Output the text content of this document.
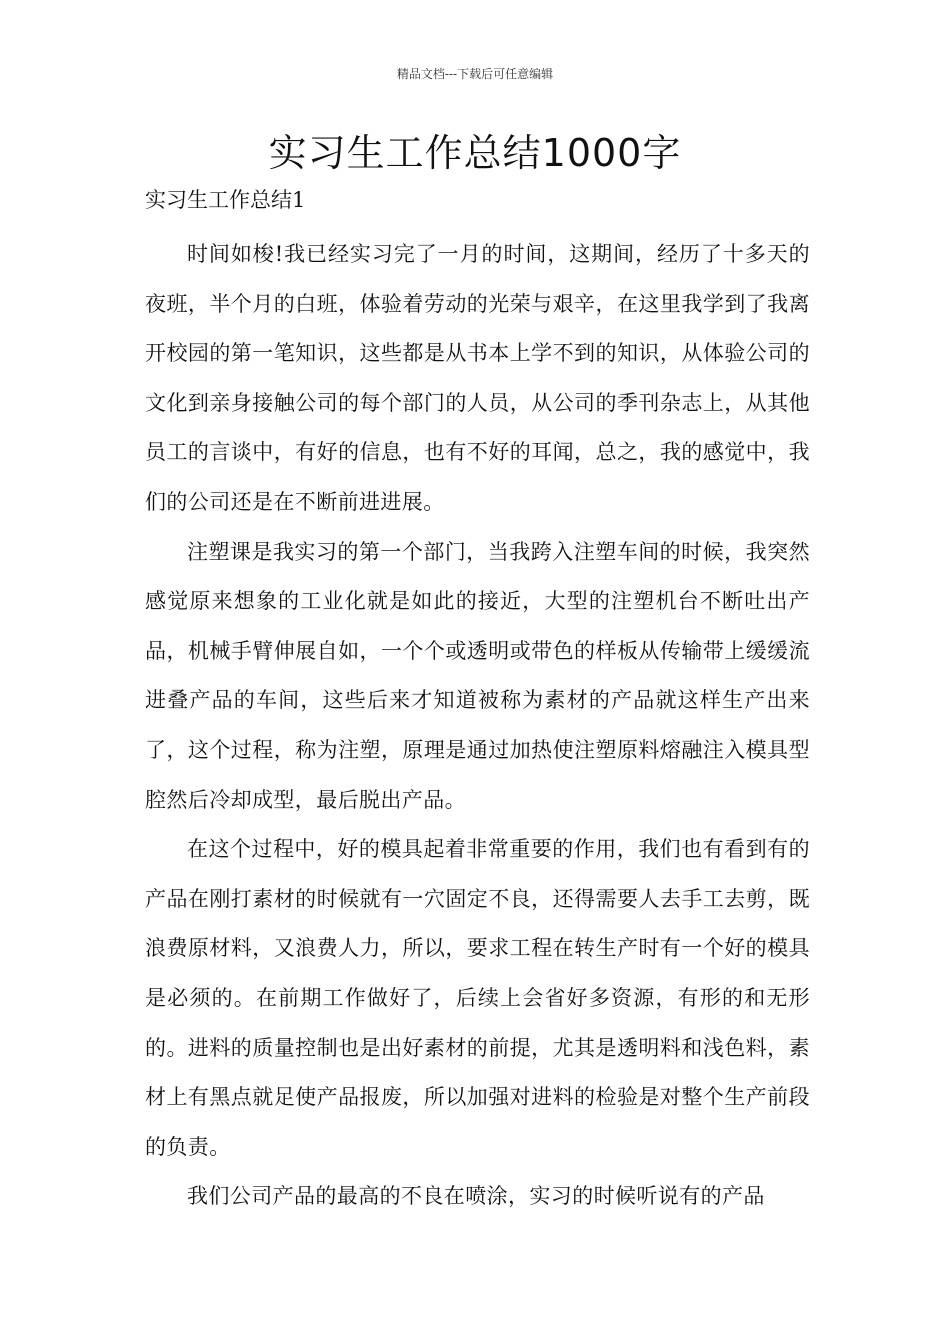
精品文档---下载后可任意编辑
实习生工作总结1000字
实习生工作总结1

时间如梭!我已经实习完了一月的时间，这期间，经历了十多天的夜班，半个月的白班，体验着劳动的光荣与艰辛，在这里我学到了我离开校园的第一笔知识，这些都是从书本上学不到的知识，从体验公司的文化到亲身接触公司的每个部门的人员，从公司的季刊杂志上，从其他员工的言谈中，有好的信息，也有不好的耳闻，总之，我的感觉中，我们的公司还是在不断前进进展。

注塑课是我实习的第一个部门，当我跨入注塑车间的时候，我突然感觉原来想象的工业化就是如此的接近，大型的注塑机台不断吐出产品，机械手臂伸展自如，一个个或透明或带色的样板从传输带上缓缓流进叠产品的车间，这些后来才知道被称为素材的产品就这样生产出来了，这个过程，称为注塑，原理是通过加热使注塑原料熔融注入模具型腔然后冷却成型，最后脱出产品。

在这个过程中，好的模具起着非常重要的作用，我们也有看到有的产品在刚打素材的时候就有一穴固定不良，还得需要人去手工去剪，既浪费原材料，又浪费人力，所以，要求工程在转生产时有一个好的模具是必须的。在前期工作做好了，后续上会省好多资源，有形的和无形的。进料的质量控制也是出好素材的前提，尤其是透明料和浅色料，素材上有黑点就足使产品报废，所以加强对进料的检验是对整个生产前段的负责。

我们公司产品的最高的不良在喷涂，实习的时候听说有的产品
